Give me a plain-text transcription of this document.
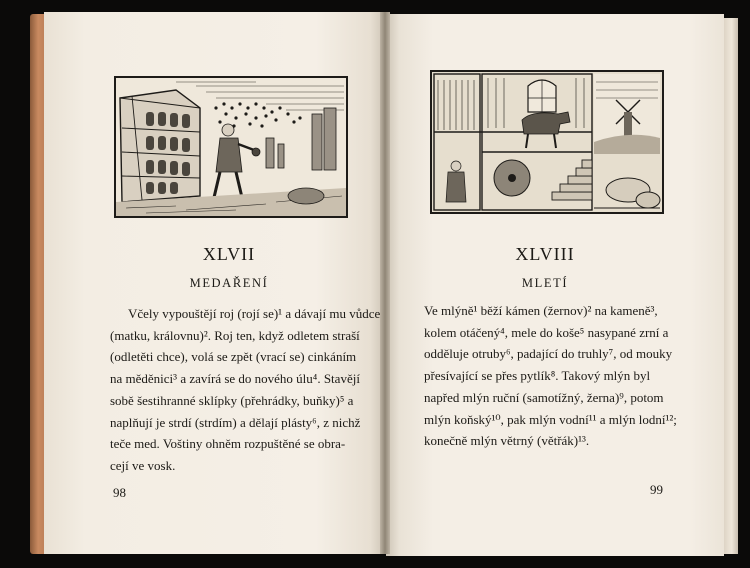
XLVII
MEDAŘENÍ
Včely vypouštějí roj (rojí se)¹ a dávají mu vůdce
(matku, královnu)². Roj ten, když odletem straší
(odletěti chce), volá se zpět (vrací se) cinkáním
na měděnici³ a zavírá se do nového úlu⁴. Stavějí
sobě šestihranné sklípky (přehrádky, buňky)⁵ a
naplňují je strdí (strdím) a dělají plásty⁶, z nichž
teče med. Voštiny ohněm rozpuštěné se obra-
cejí ve vosk.
98
XLVIII
MLETÍ
Ve mlýně¹ běží kámen (žernov)² na kameně³,
kolem otáčený⁴, mele do koše⁵ nasypané zrní a
odděluje otruby⁶, padající do truhly⁷, od mouky
přesívající se přes pytlík⁸. Takový mlýn byl
napřed mlýn ruční (samotížný, žerna)⁹, potom
mlýn koňský¹⁰, pak mlýn vodní¹¹ a mlýn lodní¹²;
konečně mlýn větrný (větřák)¹³.
99
